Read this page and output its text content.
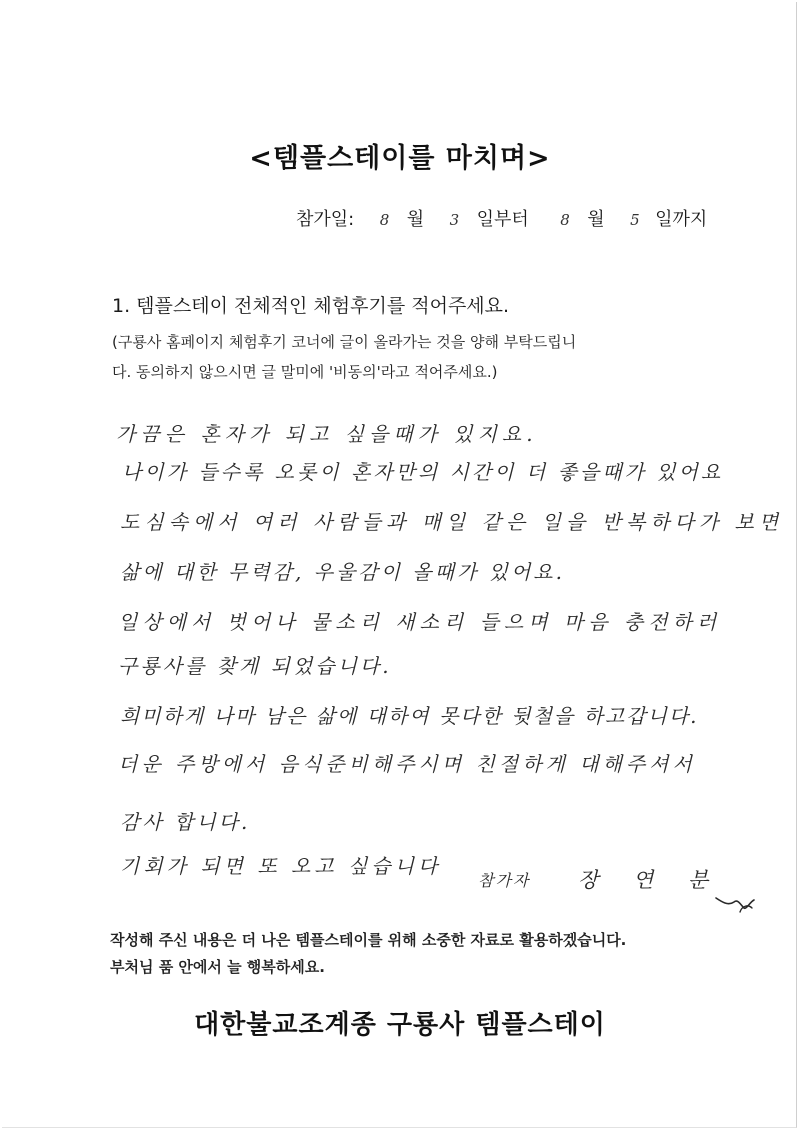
<템플스테이를 마치며>
참가일: 8 월 3 일부터 8 월 5 일까지
1. 템플스테이 전체적인 체험후기를 적어주세요.
(구룡사 홈페이지 체험후기 코너에 글이 올라가는 것을 양해 부탁드립니
다. 동의하지 않으시면 글 말미에 '비동의'라고 적어주세요.)
가끔은 혼자가 되고 싶을때가 있지요.
나이가 들수록 오롯이 혼자만의 시간이 더 좋을때가 있어요
도심속에서 여러 사람들과 매일 같은 일을 반복하다가 보면
삶에 대한 무력감, 우울감이 올때가 있어요.
일상에서 벗어나 물소리 새소리 들으며 마음 충전하러
구룡사를 찾게 되었습니다.
희미하게 나마 남은 삶에 대하여 못다한 뒷철을 하고갑니다.
더운 주방에서 음식준비해주시며 친절하게 대해주셔서
감사 합니다.
기회가 되면 또 오고 싶습니다
참가자 장 연 분
작성해 주신 내용은 더 나은 템플스테이를 위해 소중한 자료로 활용하겠습니다.
부처님 품 안에서 늘 행복하세요.
대한불교조계종 구룡사 템플스테이
